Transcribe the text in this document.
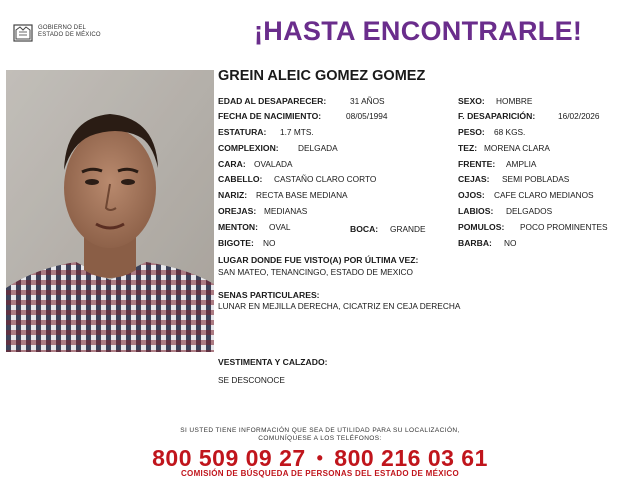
GOBIERNO DEL
ESTADO DE MÉXICO	¡HASTA ENCONTRARLE!
GREIN ALEIC GOMEZ GOMEZ
EDAD AL DESAPARECER:	31 AÑOS
FECHA DE NACIMIENTO:	08/05/1994
ESTATURA: 1.7 MTS.
COMPLEXION: DELGADA
CARA: OVALADA
CABELLO: CASTAÑO CLARO CORTO
NARIZ: RECTA BASE MEDIANA
OREJAS: MEDIANAS
MENTON: OVAL	BOCA: GRANDE
BIGOTE: NO
SEXO: HOMBRE
F. DESAPARICIÓN:	16/02/2026
PESO: 68 KGS.
TEZ: MORENA CLARA
FRENTE: AMPLIA
CEJAS: SEMI POBLADAS
OJOS: CAFE CLARO MEDIANOS
LABIOS: DELGADOS
POMULOS: POCO PROMINENTES
BARBA: NO
LUGAR DONDE FUE VISTO(A) POR ÚLTIMA VEZ:
SAN MATEO, TENANCINGO, ESTADO DE MEXICO
SENAS PARTICULARES:
LUNAR EN MEJILLA DERECHA, CICATRIZ EN CEJA DERECHA
VESTIMENTA Y CALZADO:
SE DESCONOCE
SI USTED TIENE INFORMACIÓN QUE SEA DE UTILIDAD PARA SU LOCALIZACIÓN,
COMUNÍQUESE A LOS TELÉFONOS:
800 509 09 27 • 800 216 03 61
COMISIÓN DE BÚSQUEDA DE PERSONAS DEL ESTADO DE MÉXICO
